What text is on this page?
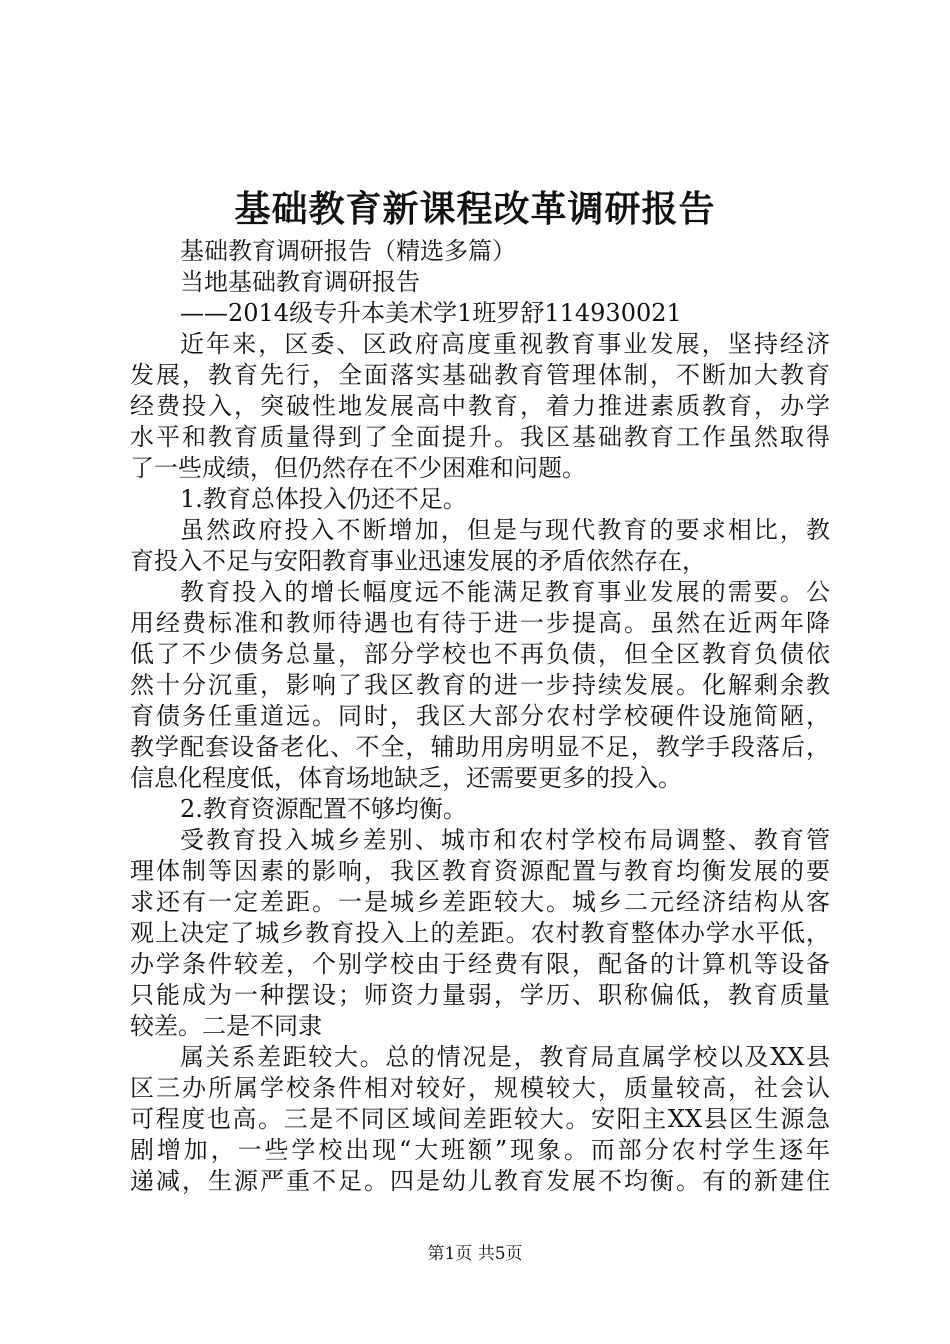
基础教育新课程改革调研报告
基础教育调研报告（精选多篇）
当地基础教育调研报告
——2014级专升本美术学1班罗舒114930021
近年来，区委、区政府高度重视教育事业发展，坚持经济
发展，教育先行，全面落实基础教育管理体制，不断加大教育
经费投入，突破性地发展高中教育，着力推进素质教育，办学
水平和教育质量得到了全面提升。我区基础教育工作虽然取得
了一些成绩，但仍然存在不少困难和问题。
1.教育总体投入仍还不足。
虽然政府投入不断增加，但是与现代教育的要求相比，教
育投入不足与安阳教育事业迅速发展的矛盾依然存在，
教育投入的增长幅度远不能满足教育事业发展的需要。公
用经费标准和教师待遇也有待于进一步提高。虽然在近两年降
低了不少债务总量，部分学校也不再负债，但全区教育负债依
然十分沉重，影响了我区教育的进一步持续发展。化解剩余教
育债务任重道远。同时，我区大部分农村学校硬件设施简陋，
教学配套设备老化、不全，辅助用房明显不足，教学手段落后，
信息化程度低，体育场地缺乏，还需要更多的投入。
2.教育资源配置不够均衡。
受教育投入城乡差别、城市和农村学校布局调整、教育管
理体制等因素的影响，我区教育资源配置与教育均衡发展的要
求还有一定差距。一是城乡差距较大。城乡二元经济结构从客
观上决定了城乡教育投入上的差距。农村教育整体办学水平低，
办学条件较差，个别学校由于经费有限，配备的计算机等设备
只能成为一种摆设；师资力量弱，学历、职称偏低，教育质量
较差。二是不同隶
属关系差距较大。总的情况是，教育局直属学校以及XX县
区三办所属学校条件相对较好，规模较大，质量较高，社会认
可程度也高。三是不同区域间差距较大。安阳主XX县区生源急
剧增加，一些学校出现“大班额”现象。而部分农村学生逐年
递减，生源严重不足。四是幼儿教育发展不均衡。有的新建住
第1页 共5页
